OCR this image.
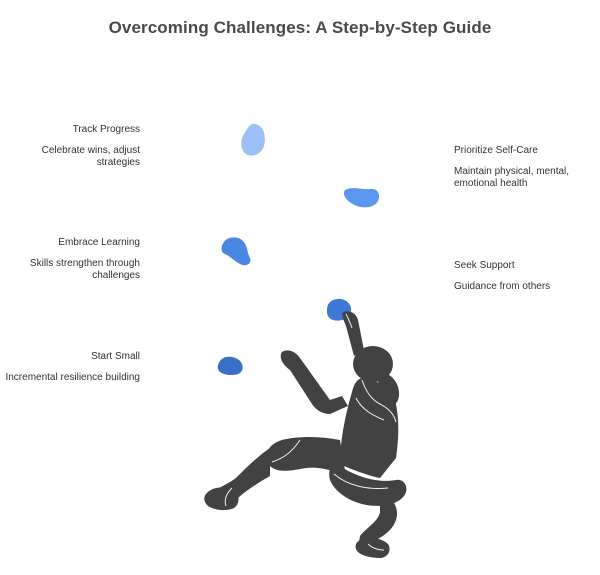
Overcoming Challenges: A Step-by-Step Guide
Track Progress
Celebrate wins, adjust strategies
Prioritize Self-Care
Maintain physical, mental, emotional health
Embrace Learning
Skills strengthen through challenges
Seek Support
Guidance from others
Start Small
Incremental resilience building
